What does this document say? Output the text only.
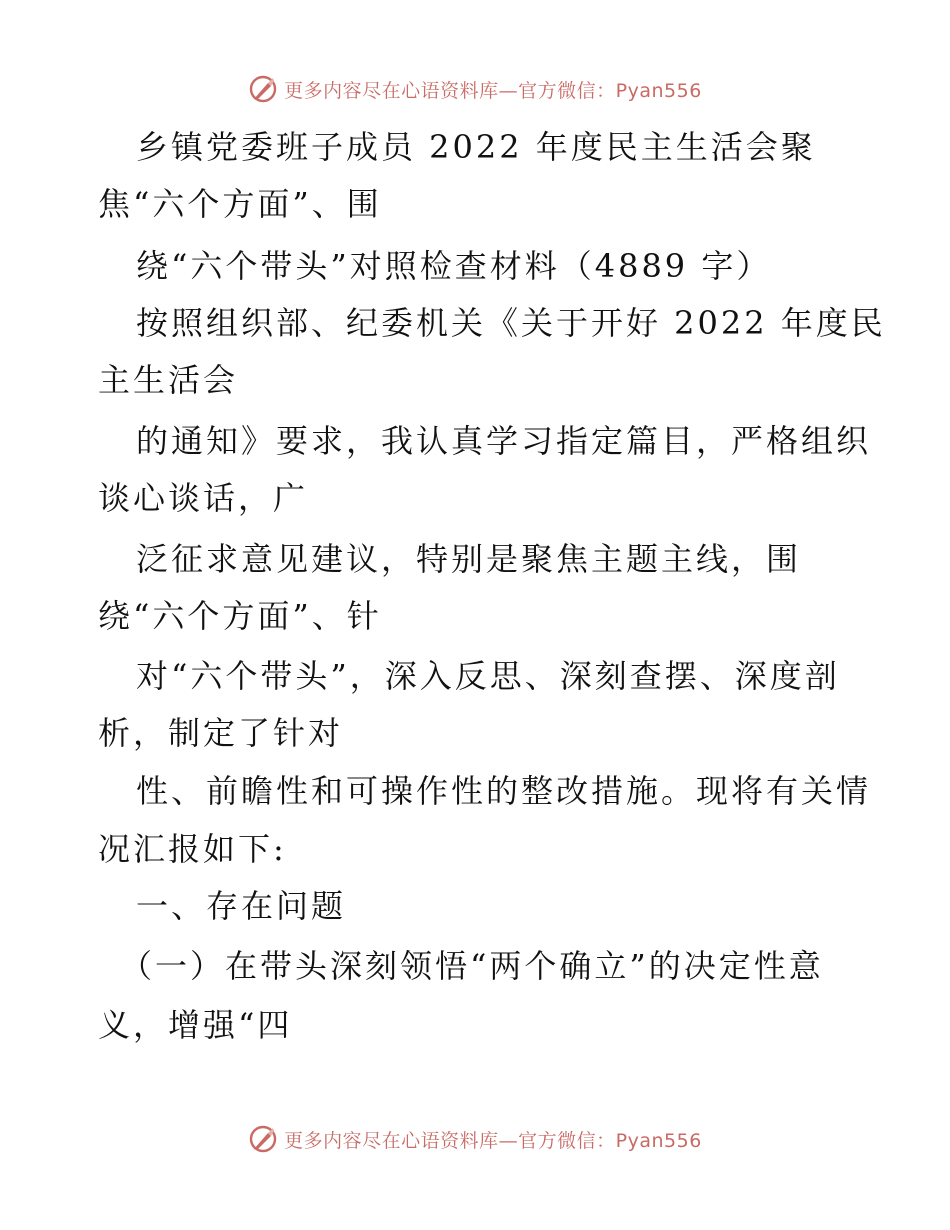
更多内容尽在心语资料库—官方微信：Pyan556
乡镇党委班子成员 2022 年度民主生活会聚
焦“六个方面”、围
绕“六个带头”对照检查材料（4889 字）
按照组织部、纪委机关《关于开好 2022 年度民
主生活会
的通知》要求，我认真学习指定篇目，严格组织
谈心谈话，广
泛征求意见建议，特别是聚焦主题主线，围
绕“六个方面”、针
对“六个带头”，深入反思、深刻查摆、深度剖
析，制定了针对
性、前瞻性和可操作性的整改措施。现将有关情
况汇报如下:
一、存在问题
（一）在带头深刻领悟“两个确立”的决定性意
义，增强“四
更多内容尽在心语资料库—官方微信：Pyan556
